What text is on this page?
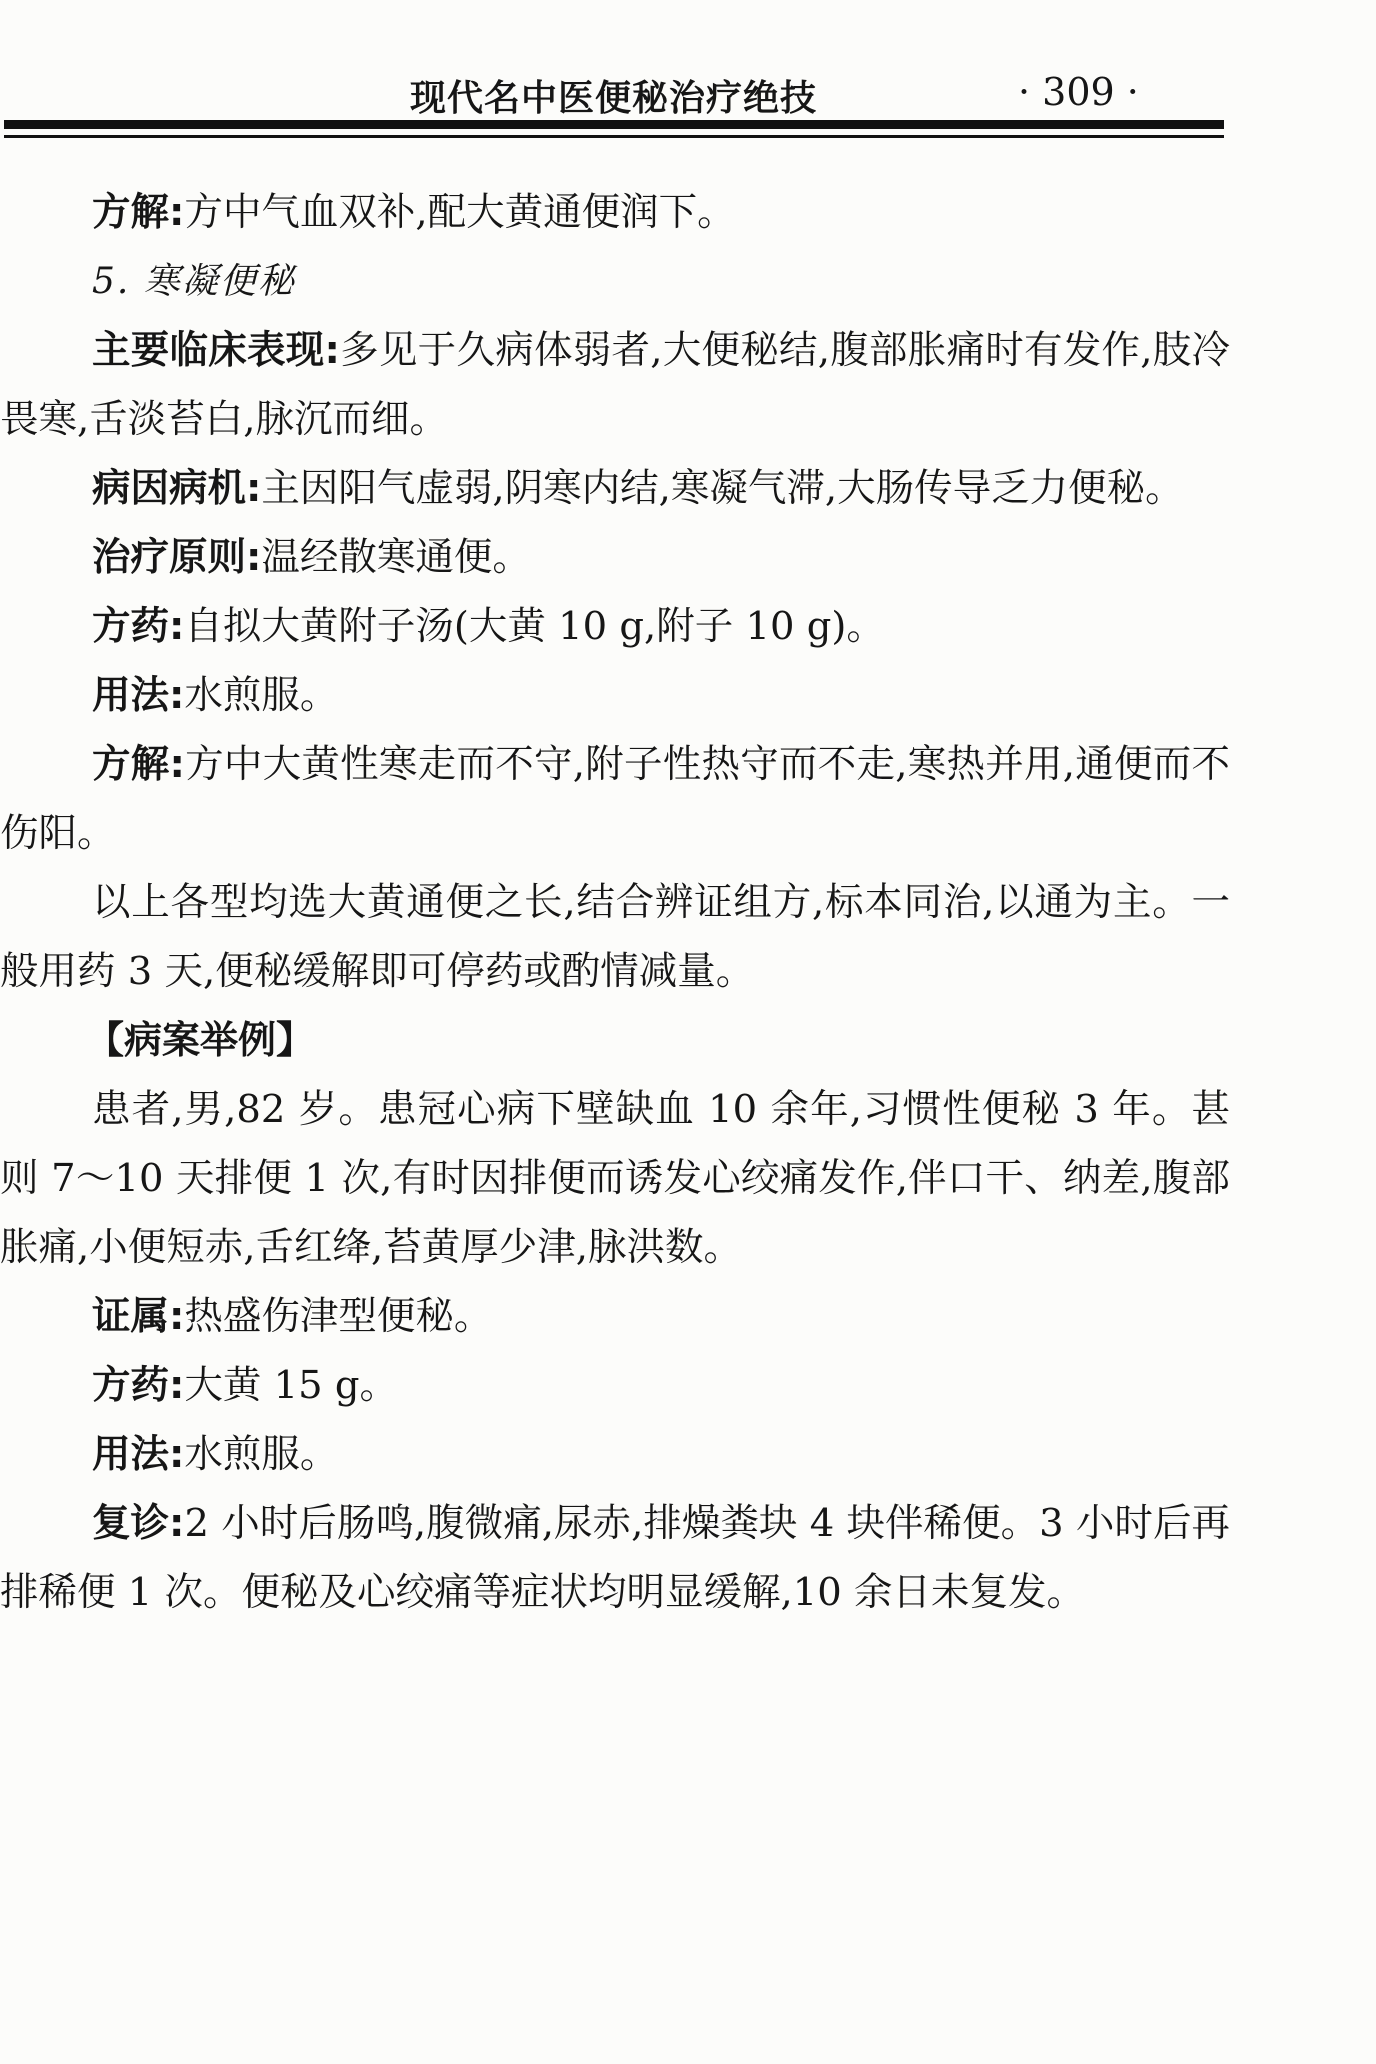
现代名中医便秘治疗绝技	· 309 ·

方解:方中气血双补,配大黄通便润下。

5. 寒凝便秘

主要临床表现:多见于久病体弱者,大便秘结,腹部胀痛时有发作,肢冷畏寒,舌淡苔白,脉沉而细。

病因病机:主因阳气虚弱,阴寒内结,寒凝气滞,大肠传导乏力便秘。

治疗原则:温经散寒通便。

方药:自拟大黄附子汤(大黄 10 g,附子 10 g)。

用法:水煎服。

方解:方中大黄性寒走而不守,附子性热守而不走,寒热并用,通便而不伤阳。

以上各型均选大黄通便之长,结合辨证组方,标本同治,以通为主。一般用药 3 天,便秘缓解即可停药或酌情减量。

【病案举例】

患者,男,82 岁。患冠心病下壁缺血 10 余年,习惯性便秘 3 年。甚则 7～10 天排便 1 次,有时因排便而诱发心绞痛发作,伴口干、纳差,腹部胀痛,小便短赤,舌红绛,苔黄厚少津,脉洪数。

证属:热盛伤津型便秘。

方药:大黄 15 g。

用法:水煎服。

复诊:2 小时后肠鸣,腹微痛,尿赤,排燥粪块 4 块伴稀便。3 小时后再排稀便 1 次。便秘及心绞痛等症状均明显缓解,10 余日未复发。
